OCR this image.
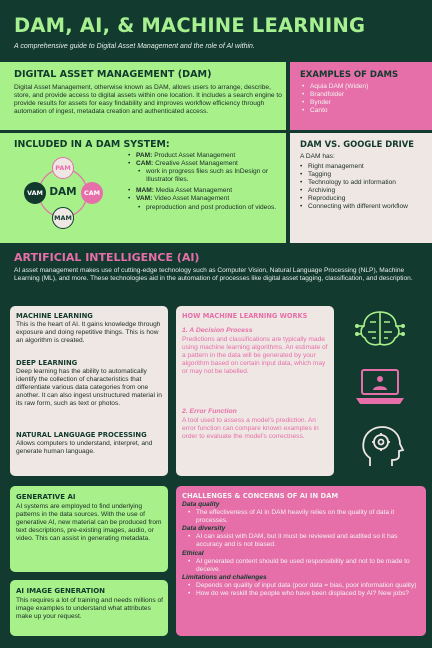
DAM, AI, & MACHINE LEARNING
A comprehensive guide to Digital Asset Management and the role of AI within.
DIGITAL ASSET MANAGEMENT (DAM)
Digital Asset Management, otherwise known as DAM, allows users to arrange, describe, store, and provide access to digital assets within one location. It includes a search engine to provide results for assets for easy findability and improves workflow efficiency through automation of ingest, metadata creation and authenticated access.
EXAMPLES OF DAMS
• Aquia DAM (Widen)
• Brandfolder
• Bynder
• Canto
INCLUDED IN A DAM SYSTEM:
PAM
VAM	CAM
MAM
DAM
• PAM: Product Asset Management
• CAM: Creative Asset Management
• work in progress files such as InDesign or Illustrator files.
• MAM: Media Asset Management
• VAM: Video Asset Management
• preproduction and post production of videos.
DAM VS. GOOGLE DRIVE
A DAM has:
• Right management
• Tagging
• Technology to add information
• Archiving
• Reproducing
• Connecting with different workflow
ARTIFICIAL INTELLIGENCE (AI)
AI asset management makes use of cutting-edge technology such as Computer Vision, Natural Language Processing (NLP), Machine Learning (ML), and more. These technologies aid in the automation of processes like digital asset tagging, classification, and description.
MACHINE LEARNING
This is the heart of AI. It gains knowledge through exposure and doing repetitive things. This is how an algorithm is created.
DEEP LEARNING
Deep learning has the ability to automatically identify the collection of characteristics that differentiate various data categories from one another. It can also ingest unstructured material in its raw form, such as text or photos.
NATURAL LANGUAGE PROCESSING
Allows computers to understand, interpret, and generate human language.
HOW MACHINE LEARNING WORKS
1. A Decision Process
Predictions and classifications are typically made using machine learning algorithms. An estimate of a pattern in the data will be generated by your algorithm based on certain input data, which may or may not be labelled.
2. Error Function
A tool used to assess a model's prediction. An error function can compare known examples in order to evaluate the model's correctness.
GENERATIVE AI
AI systems are employed to find underlying patterns in the data sources. With the use of generative AI, new material can be produced from text descriptions, pre-existing images, audio, or video. This can assist in generating metadata.
AI IMAGE GENERATION
This requires a lot of training and needs millions of image examples to understand what attributes make up your request.
CHALLENGES & CONCERNS OF AI IN DAM
Data quality
• The effectiveness of AI in DAM heavily relies on the quality of data it processes.
Data diversity
• AI can assist with DAM, but it must be reviewed and audited so it has accuracy and is not biased.
Ethical
• AI generated content should be used responsibility and not to be made to deceive.
Limitations and challenges
• Depends on quality of input data (poor data = bias, poor information quality)
• How do we reskill the people who have been displaced by AI? New jobs?
Designed by Samantha Benezra
